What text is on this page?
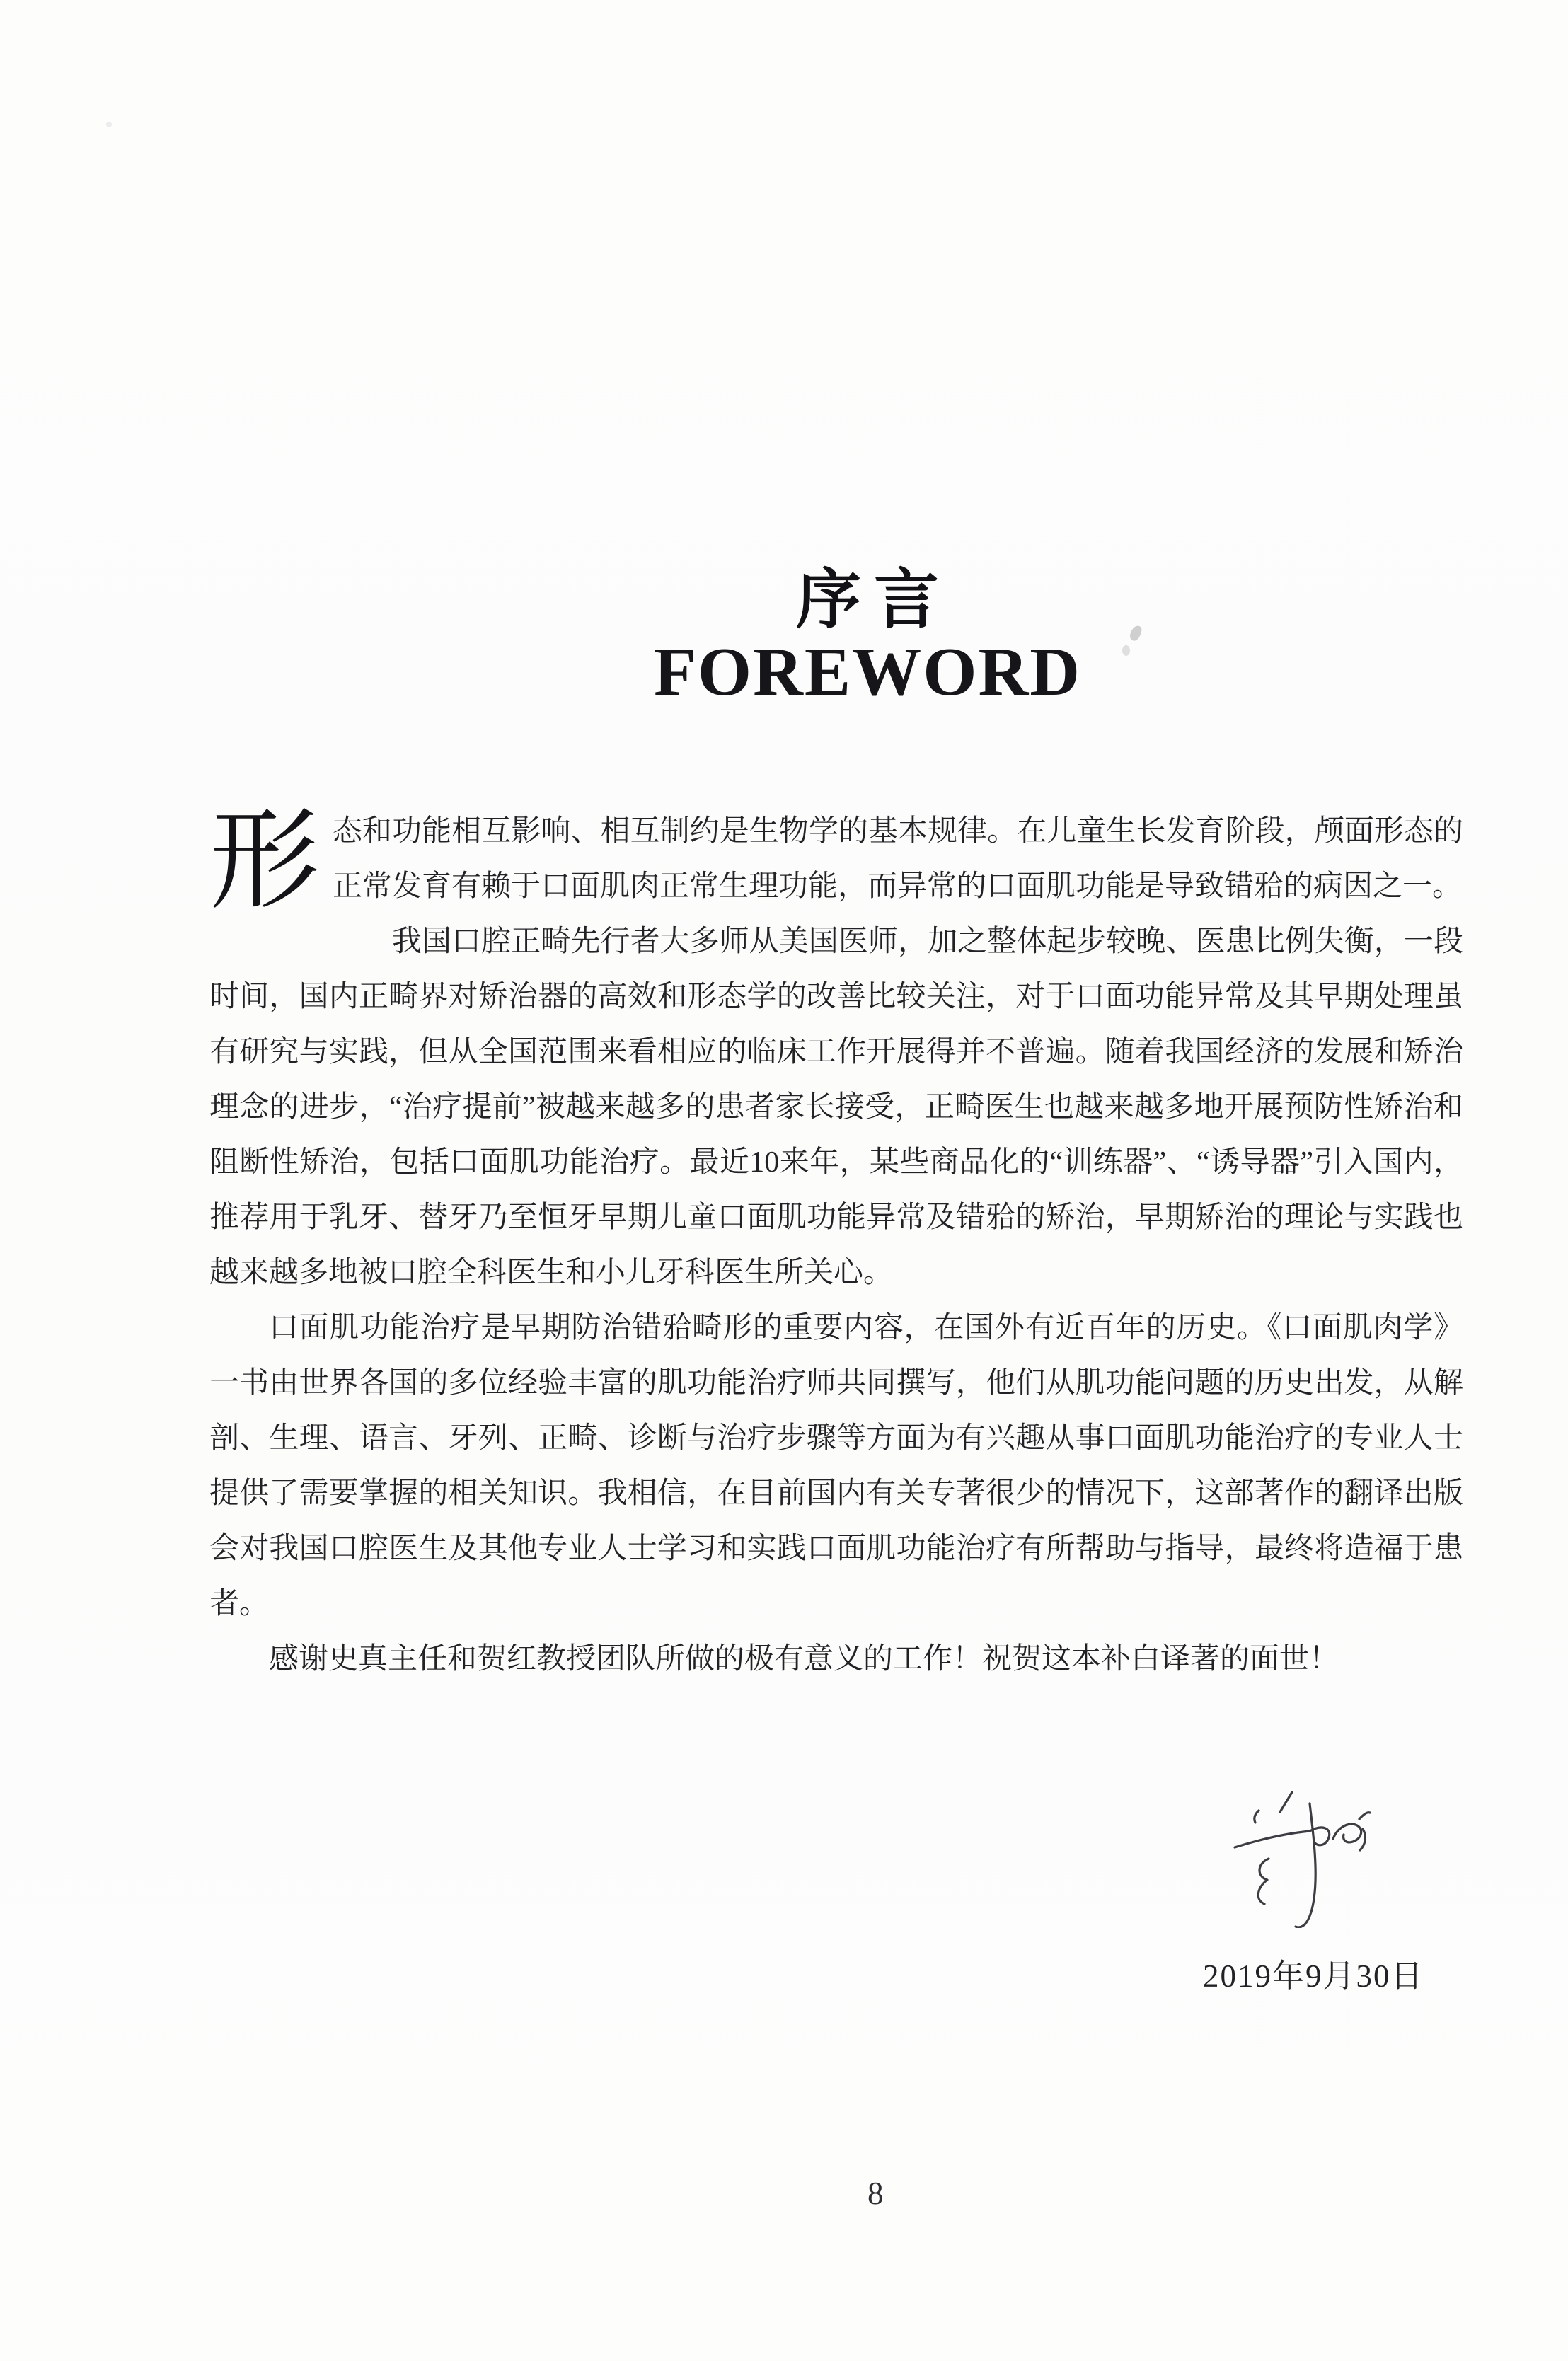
序言
FOREWORD

形态和功能相互影响、相互制约是生物学的基本规律。在儿童生长发育阶段，颅面形态的正常发育有赖于口面肌肉正常生理功能，而异常的口面肌功能是导致错𬌗的病因之一。

我国口腔正畸先行者大多师从美国医师，加之整体起步较晚、医患比例失衡，一段时间，国内正畸界对矫治器的高效和形态学的改善比较关注，对于口面功能异常及其早期处理虽有研究与实践，但从全国范围来看相应的临床工作开展得并不普遍。随着我国经济的发展和矫治理念的进步，“治疗提前”被越来越多的患者家长接受，正畸医生也越来越多地开展预防性矫治和阻断性矫治，包括口面肌功能治疗。最近10来年，某些商品化的“训练器”、“诱导器”引入国内，推荐用于乳牙、替牙乃至恒牙早期儿童口面肌功能异常及错𬌗的矫治，早期矫治的理论与实践也越来越多地被口腔全科医生和小儿牙科医生所关心。

口面肌功能治疗是早期防治错𬌗畸形的重要内容，在国外有近百年的历史。《口面肌肉学》一书由世界各国的多位经验丰富的肌功能治疗师共同撰写，他们从肌功能问题的历史出发，从解剖、生理、语言、牙列、正畸、诊断与治疗步骤等方面为有兴趣从事口面肌功能治疗的专业人士提供了需要掌握的相关知识。我相信，在目前国内有关专著很少的情况下，这部著作的翻译出版会对我国口腔医生及其他专业人士学习和实践口面肌功能治疗有所帮助与指导，最终将造福于患者。

感谢史真主任和贺红教授团队所做的极有意义的工作！祝贺这本补白译著的面世！

2019年9月30日
8
